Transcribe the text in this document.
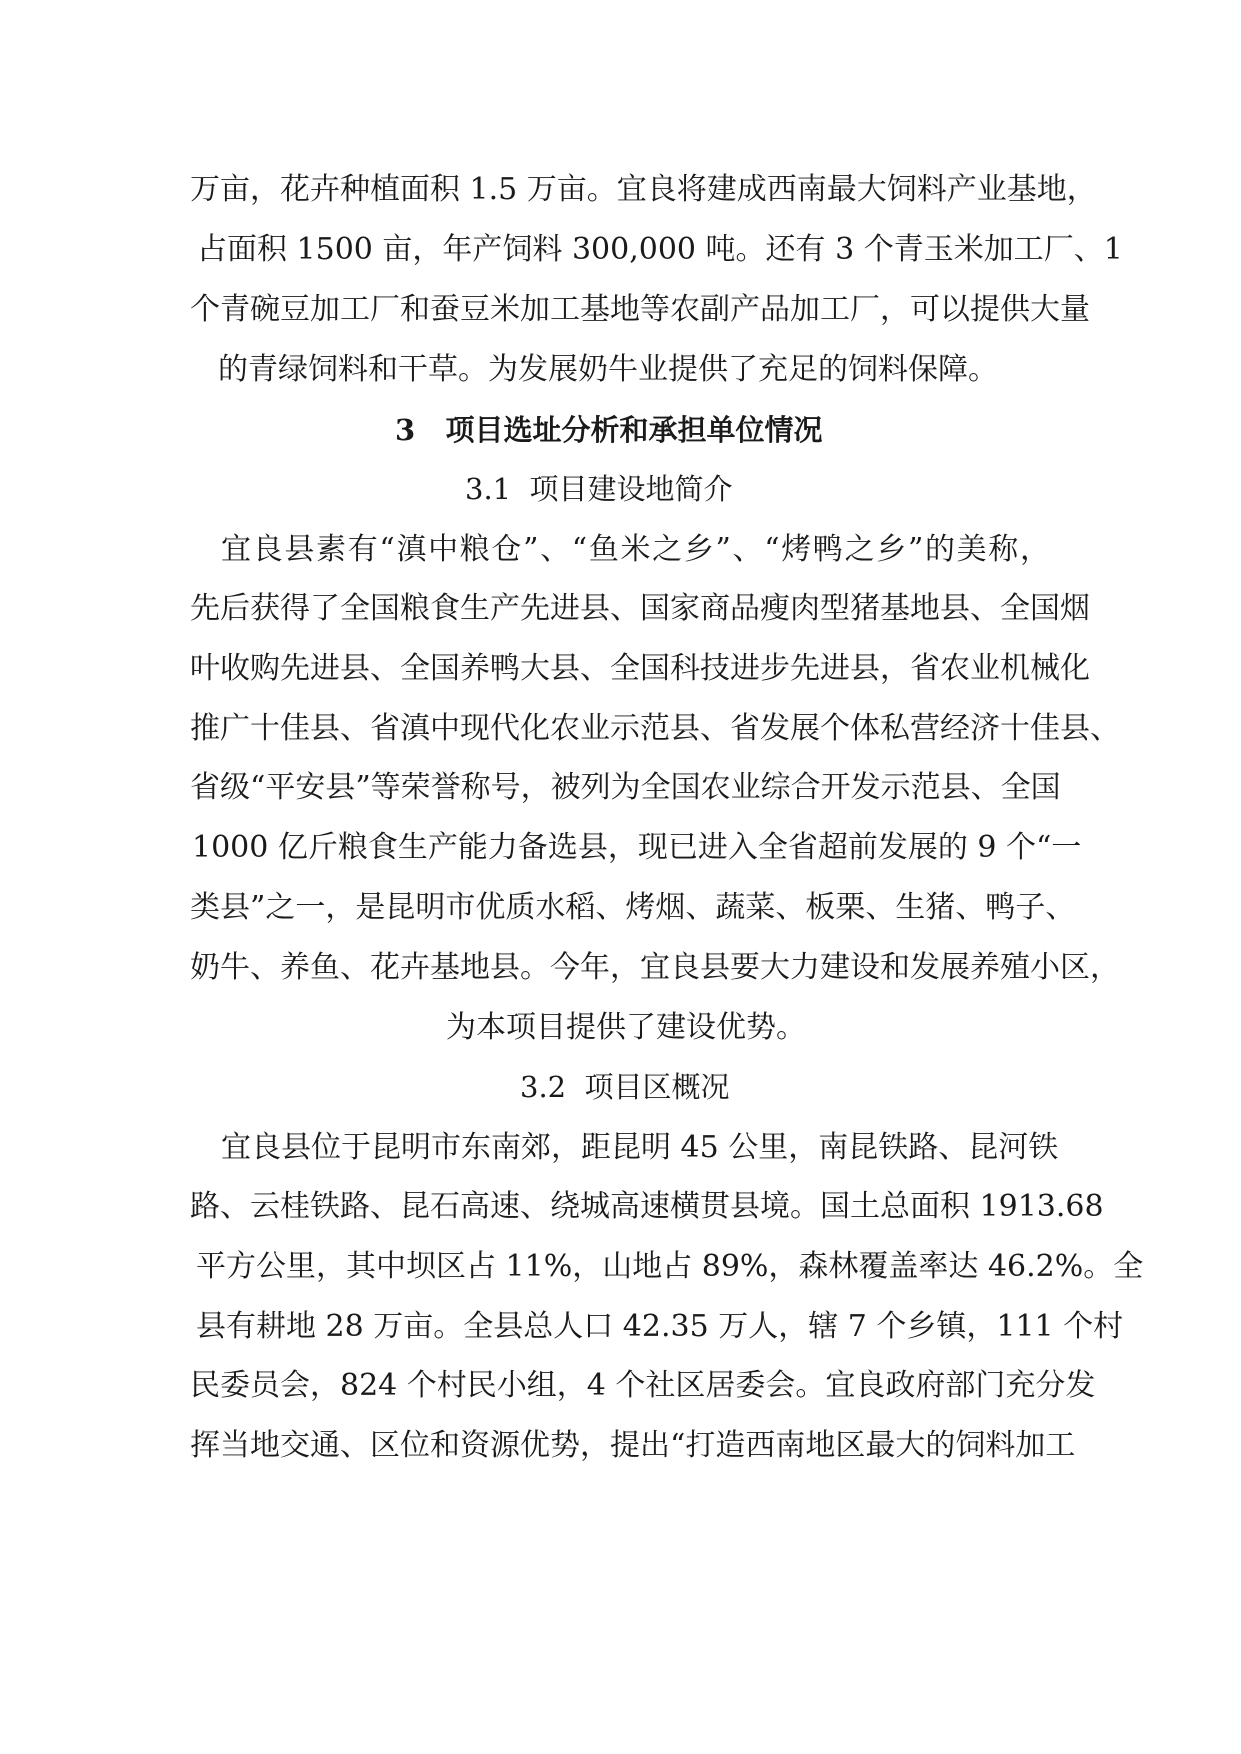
万亩，花卉种植面积 1.5 万亩。宜良将建成西南最大饲料产业基地，
占面积 1500 亩，年产饲料 300,000 吨。还有 3 个青玉米加工厂、1
个青碗豆加工厂和蚕豆米加工基地等农副产品加工厂，可以提供大量
的青绿饲料和干草。为发展奶牛业提供了充足的饲料保障。
3   项目选址分析和承担单位情况
3.1  项目建设地简介
宜良县素有“滇中粮仓”、“鱼米之乡”、“烤鸭之乡”的美称，
先后获得了全国粮食生产先进县、国家商品瘦肉型猪基地县、全国烟
叶收购先进县、全国养鸭大县、全国科技进步先进县，省农业机械化
推广十佳县、省滇中现代化农业示范县、省发展个体私营经济十佳县、
省级“平安县”等荣誉称号，被列为全国农业综合开发示范县、全国
1000 亿斤粮食生产能力备选县，现已进入全省超前发展的 9 个“一
类县”之一，是昆明市优质水稻、烤烟、蔬菜、板栗、生猪、鸭子、
奶牛、养鱼、花卉基地县。今年，宜良县要大力建设和发展养殖小区，
为本项目提供了建设优势。
3.2  项目区概况
宜良县位于昆明市东南郊，距昆明 45 公里，南昆铁路、昆河铁
路、云桂铁路、昆石高速、绕城高速横贯县境。国土总面积 1913.68
平方公里，其中坝区占 11%，山地占 89%，森林覆盖率达 46.2%。全
县有耕地 28 万亩。全县总人口 42.35 万人，辖 7 个乡镇，111 个村
民委员会，824 个村民小组，4 个社区居委会。宜良政府部门充分发
挥当地交通、区位和资源优势，提出“打造西南地区最大的饲料加工
